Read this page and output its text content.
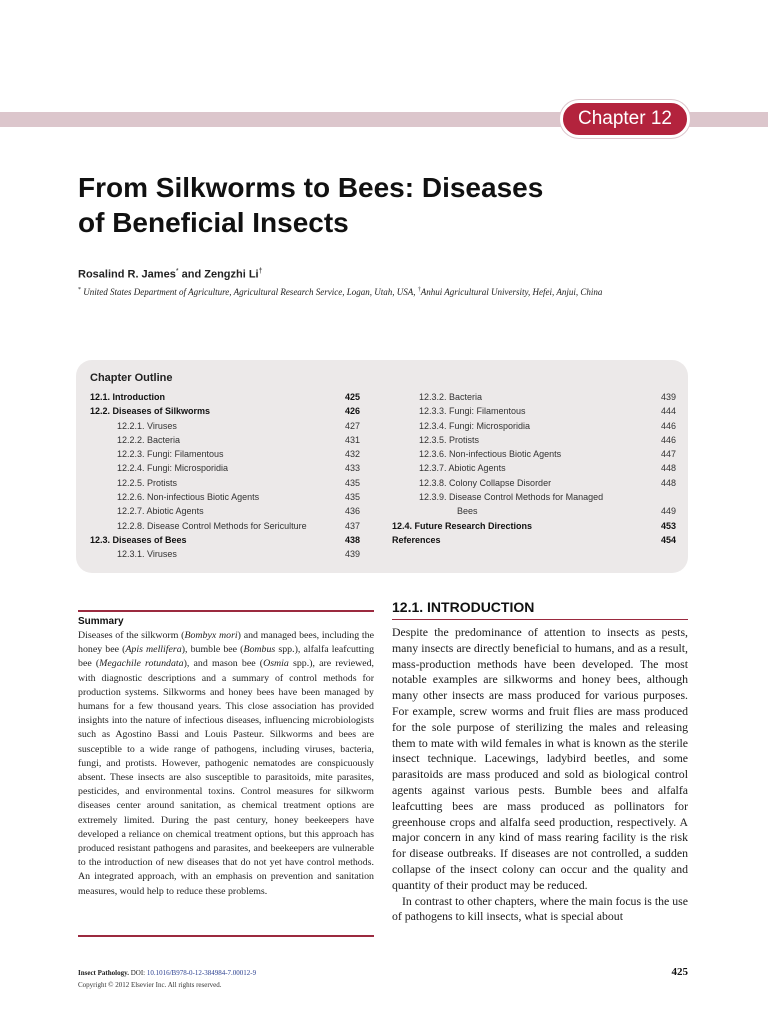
Chapter 12
From Silkworms to Bees: Diseases
of Beneficial Insects
Rosalind R. James* and Zengzhi Li†
* United States Department of Agriculture, Agricultural Research Service, Logan, Utah, USA, †Anhui Agricultural University, Hefei, Anjui, China
Chapter Outline
12.1. Introduction	425
12.2. Diseases of Silkworms	426
12.2.1. Viruses	427
12.2.2. Bacteria	431
12.2.3. Fungi: Filamentous	432
12.2.4. Fungi: Microsporidia	433
12.2.5. Protists	435
12.2.6. Non-infectious Biotic Agents	435
12.2.7. Abiotic Agents	436
12.2.8. Disease Control Methods for Sericulture	437
12.3. Diseases of Bees	438
12.3.1. Viruses	439
12.3.2. Bacteria	439
12.3.3. Fungi: Filamentous	444
12.3.4. Fungi: Microsporidia	446
12.3.5. Protists	446
12.3.6. Non-infectious Biotic Agents	447
12.3.7. Abiotic Agents	448
12.3.8. Colony Collapse Disorder	448
12.3.9. Disease Control Methods for Managed
Bees	449
12.4. Future Research Directions	453
References	454
Summary

Diseases of the silkworm (Bombyx mori) and managed bees, including the honey bee (Apis mellifera), bumble bee (Bombus spp.), alfalfa leafcutting bee (Megachile rotundata), and mason bee (Osmia spp.), are reviewed, with diagnostic descriptions and a summary of control methods for production systems. Silkworms and honey bees have been managed by humans for a few thousand years. This close association has provided insights into the nature of infectious diseases, influencing microbiologists such as Agostino Bassi and Louis Pasteur. Silkworms and bees are susceptible to a wide range of pathogens, including viruses, bacteria, fungi, and protists. However, pathogenic nematodes are conspicuously absent. These insects are also susceptible to parasitoids, mite parasites, pesticides, and environmental toxins. Control measures for silkworm diseases center around sanitation, as chemical treatment options are extremely limited. During the past century, honey beekeepers have developed a reliance on chemical treatment options, but this approach has produced resistant pathogens and parasites, and beekeepers are vulnerable to the introduction of new diseases that do not yet have control methods. An integrated approach, with an emphasis on prevention and sanitation measures, would help to reduce these problems.

12.1. INTRODUCTION

Despite the predominance of attention to insects as pests, many insects are directly beneficial to humans, and as a result, mass-production methods have been developed. The most notable examples are silkworms and honey bees, although many other insects are mass produced for various purposes. For example, screw worms and fruit flies are mass produced for the sole purpose of sterilizing the males and releasing them to mate with wild females in what is known as the sterile insect technique. Lacewings, ladybird beetles, and some parasitoids are mass produced and sold as biological control agents against various pests. Bumble bees and alfalfa leafcutting bees are mass produced as pollinators for greenhouse crops and alfalfa seed production, respectively. A major concern in any kind of mass rearing facility is the risk for disease outbreaks. If diseases are not controlled, a sudden collapse of the insect colony can occur and the quality and quantity of their product may be reduced.

In contrast to other chapters, where the main focus is the use of pathogens to kill insects, what is special about

Insect Pathology. DOI: 10.1016/B978-0-12-384984-7.00012-9
Copyright © 2012 Elsevier Inc. All rights reserved.
425
